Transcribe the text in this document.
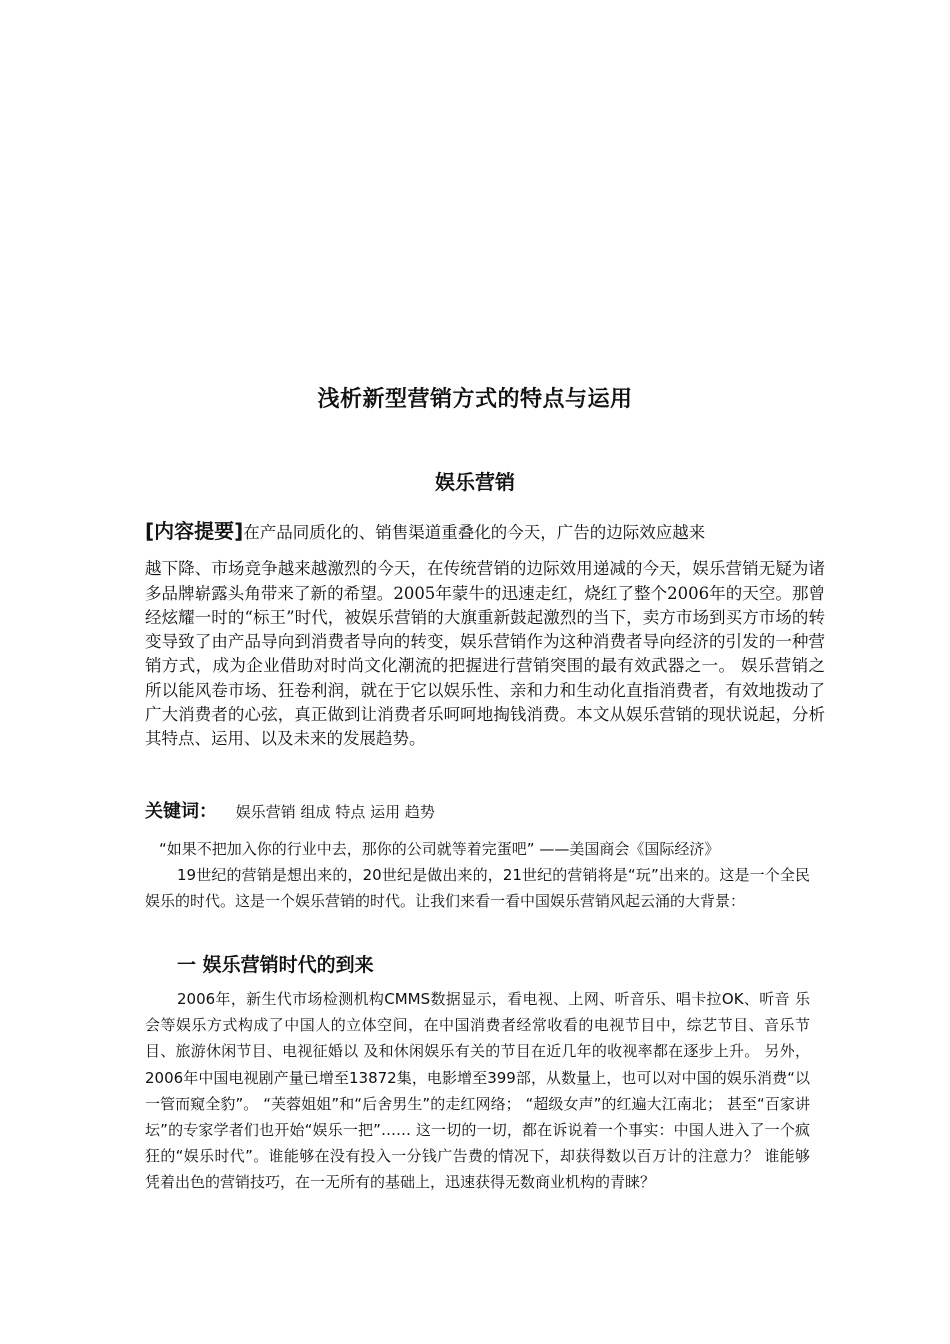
浅析新型营销方式的特点与运用
娱乐营销
[内容提要]在产品同质化的、销售渠道重叠化的今天，广告的边际效应越来
越下降、市场竞争越来越激烈的今天，在传统营销的边际效用递减的今天，娱乐营销无疑为诸多品牌崭露头角带来了新的希望。2005年蒙牛的迅速走红，烧红了整个2006年的天空。那曾经炫耀一时的“标王”时代，被娱乐营销的大旗重新鼓起激烈的当下，卖方市场到买方市场的转变导致了由产品导向到消费者导向的转变，娱乐营销作为这种消费者导向经济的引发的一种营销方式，成为企业借助对时尚文化潮流的把握进行营销突围的最有效武器之一。 娱乐营销之所以能风卷市场、狂卷利润，就在于它以娱乐性、亲和力和生动化直指消费者，有效地拨动了广大消费者的心弦，真正做到让消费者乐呵呵地掏钱消费。本文从娱乐营销的现状说起，分析其特点、运用、以及未来的发展趋势。
关键词： 娱乐营销 组成 特点 运用 趋势
“如果不把加入你的行业中去，那你的公司就等着完蛋吧” ——美国商会《国际经济》
19世纪的营销是想出来的，20世纪是做出来的，21世纪的营销将是“玩”出来的。这是一个全民娱乐的时代。这是一个娱乐营销的时代。让我们来看一看中国娱乐营销风起云涌的大背景：
一 娱乐营销时代的到来
2006年，新生代市场检测机构CMMS数据显示，看电视、上网、听音乐、唱卡拉OK、听音 乐会等娱乐方式构成了中国人的立体空间，在中国消费者经常收看的电视节目中，综艺节目、音乐节目、旅游休闲节目、电视征婚以 及和休闲娱乐有关的节目在近几年的收视率都在逐步上升。 另外，2006年中国电视剧产量已增至13872集，电影增至399部，从数量上，也可以对中国的娱乐消费“以一管而窥全豹”。 “芙蓉姐姐”和“后舍男生”的走红网络； “超级女声”的红遍大江南北； 甚至“百家讲坛”的专家学者们也开始“娱乐一把”…… 这一切的一切，都在诉说着一个事实：中国人进入了一个疯狂的“娱乐时代”。谁能够在没有投入一分钱广告费的情况下，却获得数以百万计的注意力？ 谁能够凭着出色的营销技巧，在一无所有的基础上，迅速获得无数商业机构的青睐？
